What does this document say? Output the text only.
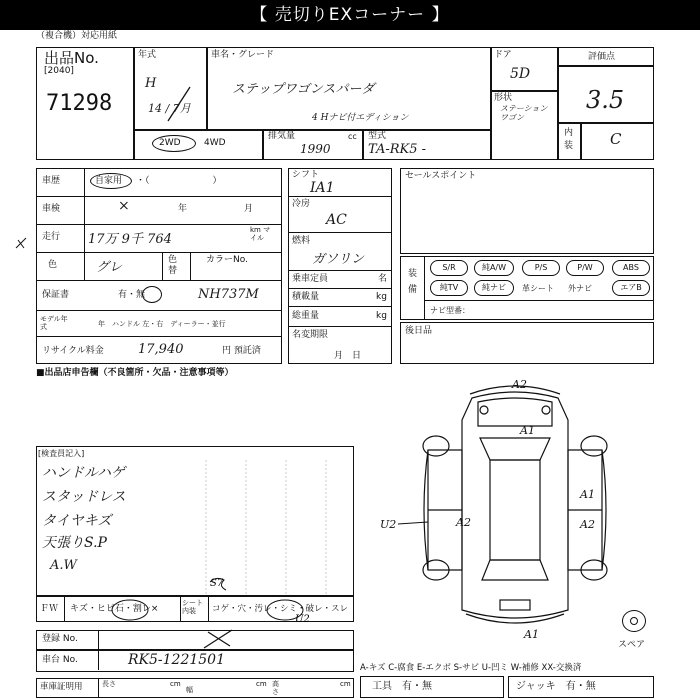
【 売切りEXコーナー 】
（複合機）対応用紙
出品No.
[2040]
71298
年式
H
14 / 7月
車名・グレード
ステップワゴンスパーダ
4 Hナビ付エディション
ドア
5D
形状
ステーション ワゴン
評価点
3.5
内装 C
2WD	4WD
排気量	cc
1990
型式
TA-RK5 -
車歴	自家用 ・（　　　　　　　）
車検	×	年	月
走行 17万 9千 764
km マイル
色	グレ	色替
カラーNo.
保証書	有・無	NH737M
モデル年式	年　ハンドル 左・右　ディーラー・並行
リサイクル料金	17,940	円 預託済
シフト
IA1
冷房
AC
燃料
ガソリン
乗車定員	名
積載量	kg
総重量	kg
名変期限
月　日
セールスポイント
装備
S/R	純A/W	P/S	P/W	ABS
純TV	純ナビ	革シート 外ナビ	エアB
ナビ型番：
後日品
■出品店申告欄（不良箇所・欠品・注意事項等）
[検査員記入]
ハンドルハゲ
スタッドレス
タイヤキズ
天張りS.P
A.W
ＦＷ キズ・ヒビ石・割レ×
シート内装	コゲ・穴・汚レ・シミ・破レ・スレ
S7
U2
登録 No.
車台 No.	RK5-1221501
車庫証明用	長さ	cm
幅
cm 高さ
cm
A-キズ C-腐食 E-エクボ S-サビ U-凹ミ W-補修 XX-交換済
工具　有・無	ジャッキ　有・無
スペア
A2
A1
A1
A2
A2
A1
U2
